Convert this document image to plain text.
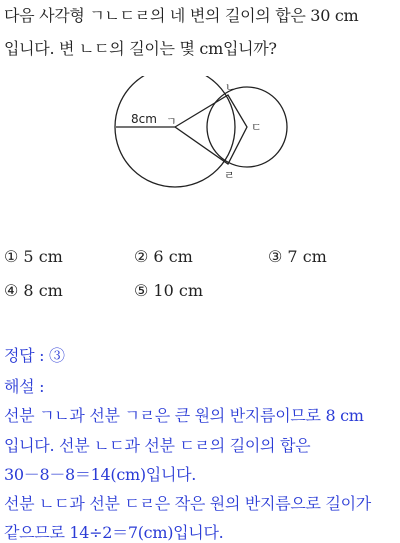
다음 사각형 ㄱㄴㄷㄹ의 네 변의 길이의 합은 30 cm
입니다. 변 ㄴㄷ의 길이는 몇 cm입니까?
8cm ㄱ
ㄴ
ㄷ
ㄹ
① 5 cm	② 6 cm	③ 7 cm
④ 8 cm	⑤ 10 cm
정답 : ③
해설 :
선분 ㄱㄴ과 선분 ㄱㄹ은 큰 원의 반지름이므로 8 cm
입니다. 선분 ㄴㄷ과 선분 ㄷㄹ의 길이의 합은
30－8－8＝14(cm)입니다.
선분 ㄴㄷ과 선분 ㄷㄹ은 작은 원의 반지름으로 길이가
같으므로 14÷2＝7(cm)입니다.
